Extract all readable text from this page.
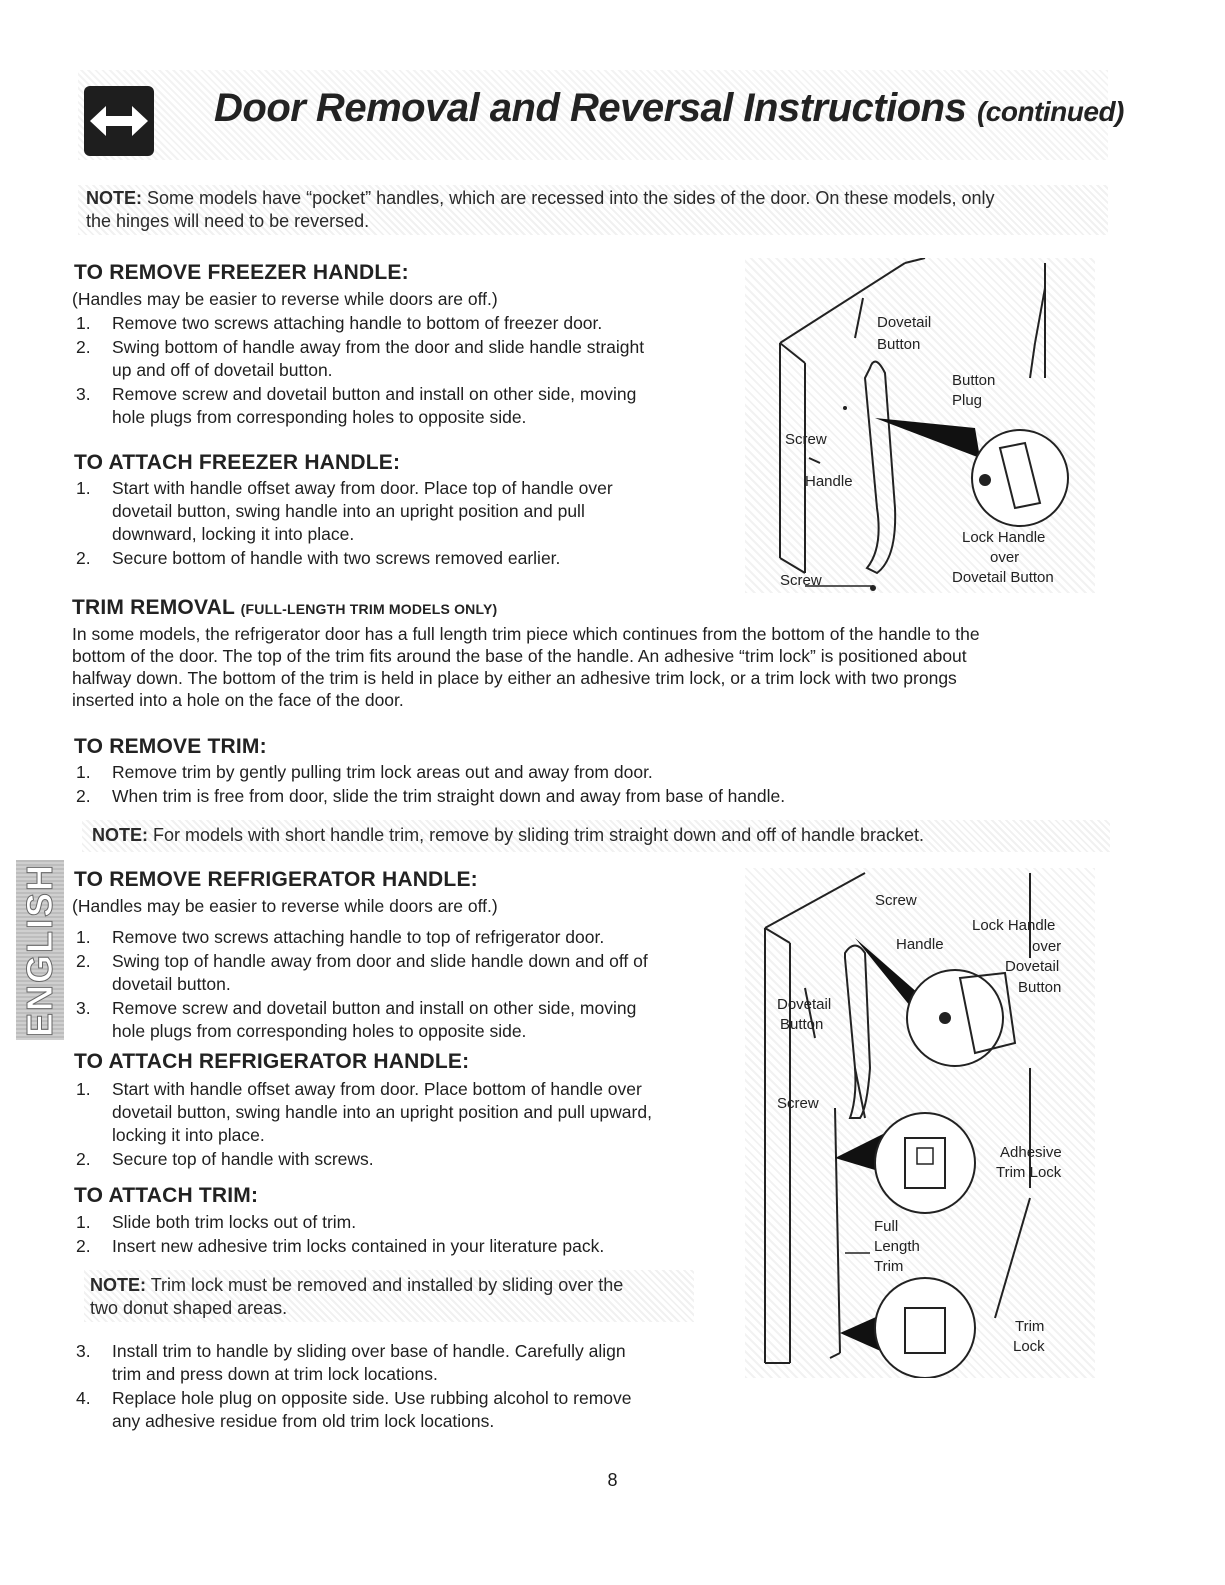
Door Removal and Reversal Instructions (continued)
NOTE: Some models have “pocket” handles, which are recessed into the sides of the door. On these models, only
the hinges will need to be reversed.
TO REMOVE FREEZER HANDLE:
(Handles may be easier to reverse while doors are off.)
1. Remove two screws attaching handle to bottom of freezer door.
2. Swing bottom of handle away from the door and slide handle straight
up and off of dovetail button.
3. Remove screw and dovetail button and install on other side, moving
hole plugs from corresponding holes to opposite side.
TO ATTACH FREEZER HANDLE:
1. Start with handle offset away from door. Place top of handle over
dovetail button, swing handle into an upright position and pull
downward, locking it into place.
2. Secure bottom of handle with two screws removed earlier.
Dovetail
Button
Button
Plug
Screw
Handle
Lock Handle
over
Dovetail Button
Screw
TRIM REMOVAL (FULL-LENGTH TRIM MODELS ONLY)
In some models, the refrigerator door has a full length trim piece which continues from the bottom of the handle to the
bottom of the door. The top of the trim fits around the base of the handle. An adhesive “trim lock” is positioned about
halfway down. The bottom of the trim is held in place by either an adhesive trim lock, or a trim lock with two prongs
inserted into a hole on the face of the door.
TO REMOVE TRIM:
1. Remove trim by gently pulling trim lock areas out and away from door.
2. When trim is free from door, slide the trim straight down and away from base of handle.
NOTE: For models with short handle trim, remove by sliding trim straight down and off of handle bracket.
ENGLISH TO REMOVE REFRIGERATOR HANDLE:
(Handles may be easier to reverse while doors are off.)
1. Remove two screws attaching handle to top of refrigerator door.
2. Swing top of handle away from door and slide handle down and off of
dovetail button.
3. Remove screw and dovetail button and install on other side, moving
hole plugs from corresponding holes to opposite side.
TO ATTACH REFRIGERATOR HANDLE:
1. Start with handle offset away from door. Place bottom of handle over
dovetail button, swing handle into an upright position and pull upward,
locking it into place.
2. Secure top of handle with screws.
TO ATTACH TRIM:
1. Slide both trim locks out of trim.
2. Insert new adhesive trim locks contained in your literature pack.
NOTE: Trim lock must be removed and installed by sliding over the
two donut shaped areas.
3. Install trim to handle by sliding over base of handle. Carefully align
trim and press down at trim lock locations.
4. Replace hole plug on opposite side. Use rubbing alcohol to remove
any adhesive residue from old trim lock locations.
Screw
Lock Handle
Handle	over
Dovetail
Button
Dovetail
Button
Screw
Adhesive
Trim Lock
Full
Length
Trim
Trim
Lock
8
